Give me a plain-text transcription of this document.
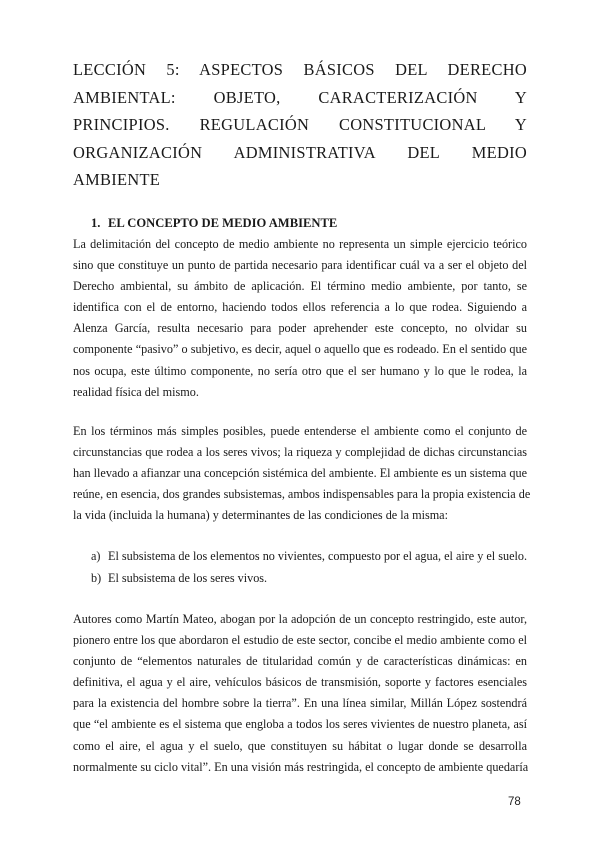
LECCIÓN 5: ASPECTOS BÁSICOS DEL DERECHO
AMBIENTAL: OBJETO, CARACTERIZACIÓN Y
PRINCIPIOS. REGULACIÓN CONSTITUCIONAL Y
ORGANIZACIÓN ADMINISTRATIVA DEL MEDIO
AMBIENTE
1. EL CONCEPTO DE MEDIO AMBIENTE
La delimitación del concepto de medio ambiente no representa un simple ejercicio teórico
sino que constituye un punto de partida necesario para identificar cuál va a ser el objeto del
Derecho ambiental, su ámbito de aplicación. El término medio ambiente, por tanto, se
identifica con el de entorno, haciendo todos ellos referencia a lo que rodea. Siguiendo a
Alenza García, resulta necesario para poder aprehender este concepto, no olvidar su
componente “pasivo” o subjetivo, es decir, aquel o aquello que es rodeado. En el sentido que
nos ocupa, este último componente, no sería otro que el ser humano y lo que le rodea, la
realidad física del mismo.
En los términos más simples posibles, puede entenderse el ambiente como el conjunto de
circunstancias que rodea a los seres vivos; la riqueza y complejidad de dichas circunstancias
han llevado a afianzar una concepción sistémica del ambiente. El ambiente es un sistema que
reúne, en esencia, dos grandes subsistemas, ambos indispensables para la propia existencia de
la vida (incluida la humana) y determinantes de las condiciones de la misma:
a) El subsistema de los elementos no vivientes, compuesto por el agua, el aire y el suelo.
b) El subsistema de los seres vivos.
Autores como Martín Mateo, abogan por la adopción de un concepto restringido, este autor,
pionero entre los que abordaron el estudio de este sector, concibe el medio ambiente como el
conjunto de “elementos naturales de titularidad común y de características dinámicas: en
definitiva, el agua y el aire, vehículos básicos de transmisión, soporte y factores esenciales
para la existencia del hombre sobre la tierra”. En una línea similar, Millán López sostendrá
que “el ambiente es el sistema que engloba a todos los seres vivientes de nuestro planeta, así
como el aire, el agua y el suelo, que constituyen su hábitat o lugar donde se desarrolla
normalmente su ciclo vital”. En una visión más restringida, el concepto de ambiente quedaría
78
